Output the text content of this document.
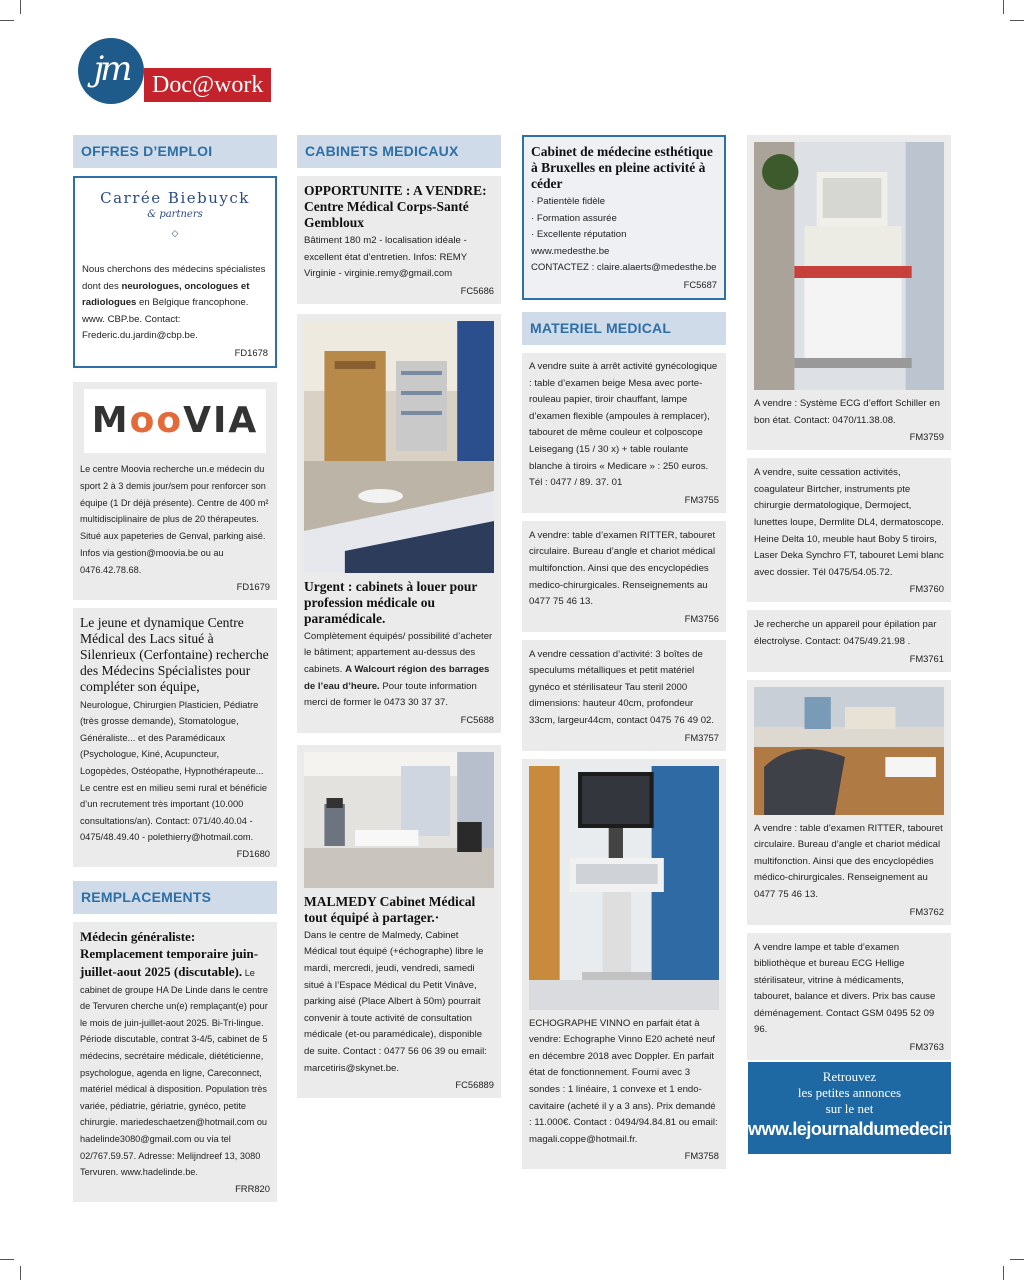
jm Doc@work
OFFRES D’EMPLOI
Carrée Biebuyck
& partners
◇

Nous cherchons des médecins spécialistes dont des neurologues, oncologues et radiologues en Belgique francophone. www. CBP.be. Contact: Frederic.du.jardin@cbp.be.

FD1678
MooVIA

Le centre Moovia recherche un.e médecin du sport 2 à 3 demis jour/sem pour renforcer son équipe (1 Dr déjà présente). Centre de 400 m² multidisciplinaire de plus de 20 thérapeutes. Situé aux papeteries de Genval, parking aisé. Infos via gestion@moovia.be ou au 0476.42.78.68.

FD1679
Le jeune et dynamique Centre Médical des Lacs situé à Silenrieux (Cerfontaine) recherche des Médecins Spécialistes pour compléter son équipe,

Neurologue, Chirurgien Plasticien, Pédiatre (très grosse demande), Stomatologue, Généraliste... et des Paramédicaux (Psychologue, Kiné, Acupuncteur, Logopèdes, Ostéopathe, Hypnothérapeute... Le centre est en milieu semi rural et bénéficie d’un recrutement très important (10.000 consultations/an). Contact: 071/40.40.04 - 0475/48.49.40 - polethierry@hotmail.com.

FD1680
REMPLACEMENTS

Médecin généraliste: Remplacement temporaire juin-juillet-aout 2025 (discutable). Le cabinet de groupe HA De Linde dans le centre de Tervuren cherche un(e) remplaçant(e) pour le mois de juin-juillet-aout 2025. Bi-Tri-lingue. Période discutable, contrat 3-4/5, cabinet de 5 médecins, secrétaire médicale, diététicienne, psychologue, agenda en ligne, Careconnect, matériel médical à disposition. Population très variée, pédiatrie, gériatrie, gynéco, petite chirurgie. mariedeschaetzen@hotmail.com ou hadelinde3080@gmail.com ou via tel 02/767.59.57. Adresse: Melijndreef 13, 3080 Tervuren. www.hadelinde.be.

FRR820
CABINETS MEDICAUX
OPPORTUNITE : A VENDRE: Centre Médical Corps-Santé Gembloux

Bâtiment 180 m2 - localisation idéale - excellent état d’entretien. Infos: REMY Virginie - virginie.remy@gmail.com

FC5686
Urgent : cabinets à louer pour profession médicale ou paramédicale.

Complètement équipés/ possibilité d’acheter le bâtiment; appartement au-dessus des cabinets. A Walcourt région des barrages de l’eau d’heure. Pour toute information merci de former le 0473 30 37 37.

FC5688
MALMEDY Cabinet Médical tout équipé à partager.·

Dans le centre de Malmedy, Cabinet Médical tout équipé (+échographe) libre le mardi, mercredi, jeudi, vendredi, samedi situé à l’Espace Médical du Petit Vinâve, parking aisé (Place Albert à 50m) pourrait convenir à toute activité de consultation médicale (et-ou paramédicale), disponible de suite. Contact : 0477 56 06 39 ou email: marcetiris@skynet.be.

FC56889
Cabinet de médecine esthétique à Bruxelles en pleine activité à céder

· Patientèle fidèle

· Formation assurée

· Excellente réputation

www.medesthe.be

CONTACTEZ : claire.alaerts@medesthe.be

FC5687
MATERIEL MEDICAL

A vendre suite à arrêt activité gynécologique : table d’examen beige Mesa avec porte-rouleau papier, tiroir chauffant, lampe d’examen flexible (ampoules à remplacer), tabouret de même couleur et colposcope Leisegang (15 / 30 x) + table roulante blanche à tiroirs « Medicare » : 250 euros. Tél : 0477 / 89. 37. 01

FM3755

A vendre: table d’examen RITTER, tabouret circulaire. Bureau d’angle et chariot médical multifonction. Ainsi que des encyclopédies medico-chirurgicales. Renseignements au 0477 75 46 13.

FM3756

A vendre cessation d’activité: 3 boîtes de speculums métalliques et petit matériel gynéco et stérilisateur Tau steril 2000 dimensions: hauteur 40cm, profondeur 33cm, largeur44cm, contact 0475 76 49 02.

FM3757

ECHOGRAPHE VINNO en parfait état à vendre: Echographe Vinno E20 acheté neuf en décembre 2018 avec Doppler. En parfait état de fonctionnement. Fourni avec 3 sondes : 1 linéaire, 1 convexe et 1 endo-cavitaire (acheté il y a 3 ans). Prix demandé : 11.000€. Contact : 0494/94.84.81 ou email: magali.coppe@hotmail.fr.

FM3758

A vendre : Système ECG d’effort Schiller en bon état. Contact: 0470/11.38.08.

FM3759

A vendre, suite cessation activités, coagulateur Birtcher, instruments pte chirurgie dermatologique, Dermoject, lunettes loupe, Dermlite DL4, dermatoscope. Heine Delta 10, meuble haut Boby 5 tiroirs, Laser Deka Synchro FT, tabouret Lemi blanc avec dossier. Tél 0475/54.05.72.

FM3760

Je recherche un appareil pour épilation par électrolyse. Contact: 0475/49.21.98 .

FM3761

A vendre : table d’examen RITTER, tabouret circulaire. Bureau d’angle et chariot médical multifonction. Ainsi que des encyclopédies médico-chirurgicales. Renseignement au 0477 75 46 13.

FM3762

A vendre lampe et table d’examen bibliothèque et bureau ECG Hellige stérilisateur, vitrine à médicaments, tabouret, balance et divers. Prix bas cause déménagement. Contact GSM 0495 52 09 96.

FM3763
Retrouvez
les petites annonces
sur le net
www.lejournaldumedecin.com
